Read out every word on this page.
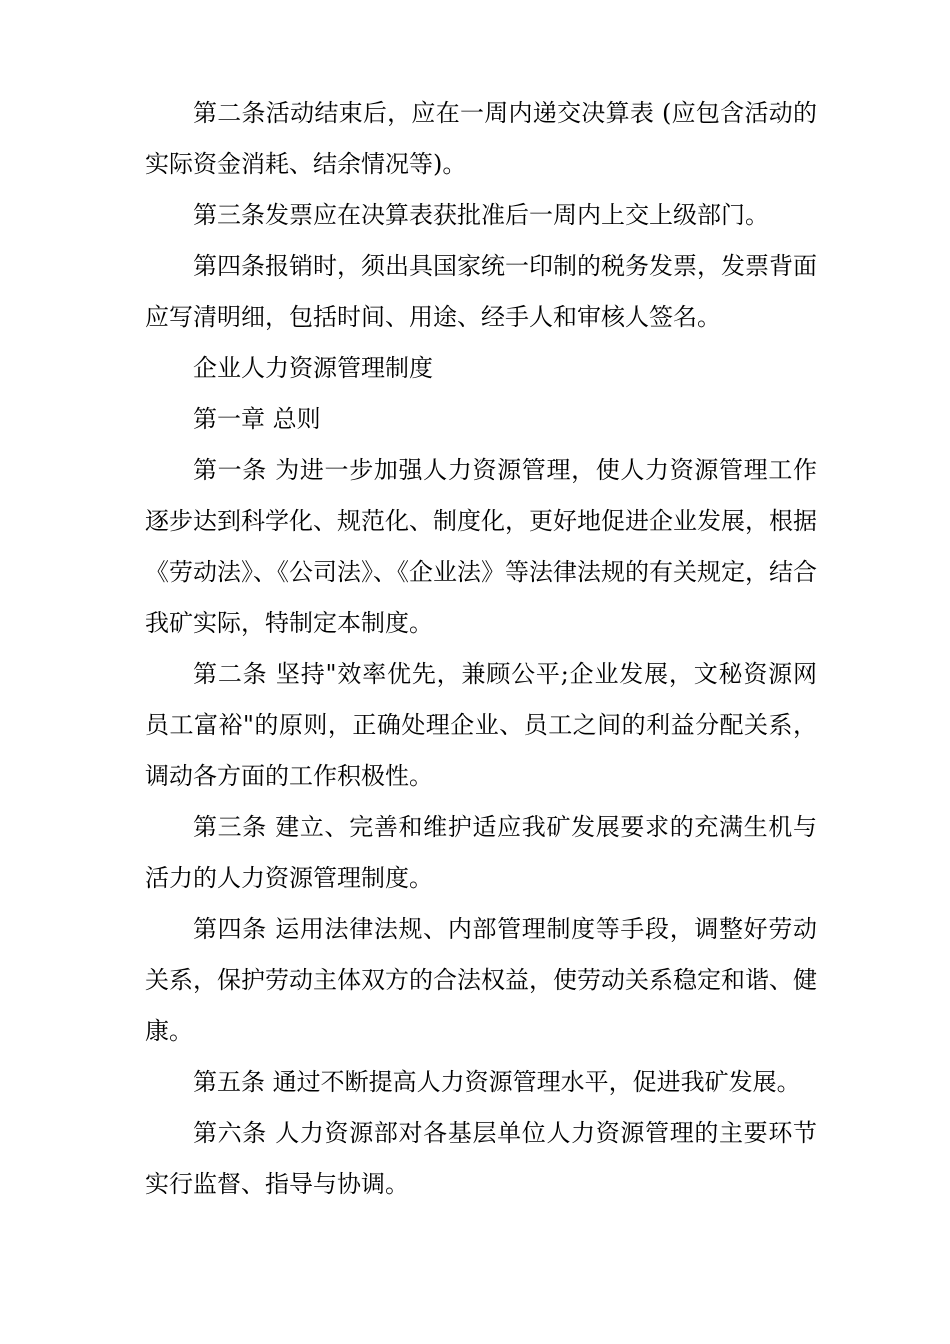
第二条活动结束后，应在一周内递交决算表 (应包含活动的实际资金消耗、结余情况等)。

第三条发票应在决算表获批准后一周内上交上级部门。

第四条报销时，须出具国家统一印制的税务发票，发票背面应写清明细，包括时间、用途、经手人和审核人签名。

企业人力资源管理制度

第一章 总则

第一条 为进一步加强人力资源管理，使人力资源管理工作逐步达到科学化、规范化、制度化，更好地促进企业发展，根据《劳动法》、《公司法》、《企业法》等法律法规的有关规定，结合我矿实际，特制定本制度。

第二条 坚持"效率优先，兼顾公平;企业发展，文秘资源网 员工富裕"的原则，正确处理企业、员工之间的利益分配关系，调动各方面的工作积极性。

第三条 建立、完善和维护适应我矿发展要求的充满生机与活力的人力资源管理制度。

第四条 运用法律法规、内部管理制度等手段，调整好劳动关系，保护劳动主体双方的合法权益，使劳动关系稳定和谐、健康。

第五条 通过不断提高人力资源管理水平，促进我矿发展。

第六条 人力资源部对各基层单位人力资源管理的主要环节实行监督、指导与协调。
